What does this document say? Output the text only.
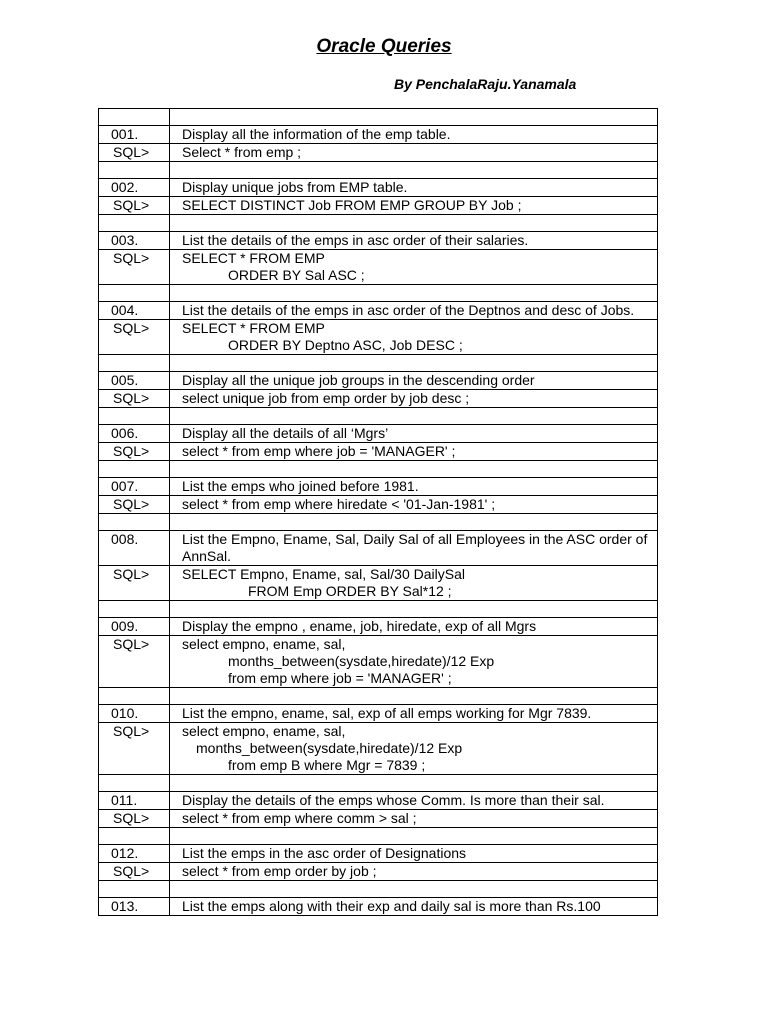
Oracle Queries
By PenchalaRaju.Yanamala

001.	Display all the information of the emp table.
SQL>	Select * from emp ;

002.	Display unique jobs from EMP table.
SQL>	SELECT DISTINCT Job FROM EMP GROUP BY Job ;

003.	List the details of the emps in asc order of their salaries.
SQL>	SELECT * FROM EMP
ORDER BY Sal ASC ;

004.	List the details of the emps in asc order of the Deptnos and desc of Jobs.
SQL>	SELECT * FROM EMP
ORDER BY Deptno ASC, Job DESC ;

005.	Display all the unique job groups in the descending order
SQL>	select unique job from emp order by job desc ;

006.	Display all the details of all ‘Mgrs’
SQL>	select * from emp where job = 'MANAGER' ;

007.	List the emps who joined before 1981.
SQL>	select * from emp where hiredate < '01-Jan-1981' ;

008.	List the Empno, Ename, Sal, Daily Sal of all Employees in the ASC order of AnnSal.
SQL>	SELECT Empno, Ename, sal, Sal/30 DailySal
FROM Emp ORDER BY Sal*12 ;

009.	Display the empno , ename, job, hiredate, exp of all Mgrs
SQL>	select empno, ename, sal,
months_between(sysdate,hiredate)/12 Exp
from emp where job = 'MANAGER' ;

010.	List the empno, ename, sal, exp of all emps working for Mgr 7839.
SQL>	select empno, ename, sal,
months_between(sysdate,hiredate)/12 Exp
from emp B where Mgr = 7839 ;

011.	Display the details of the emps whose Comm. Is more than their sal.
SQL>	select * from emp where comm > sal ;

012.	List the emps in the asc order of Designations
SQL>	select * from emp order by job ;

013.	List the emps along with their exp and daily sal is more than Rs.100
